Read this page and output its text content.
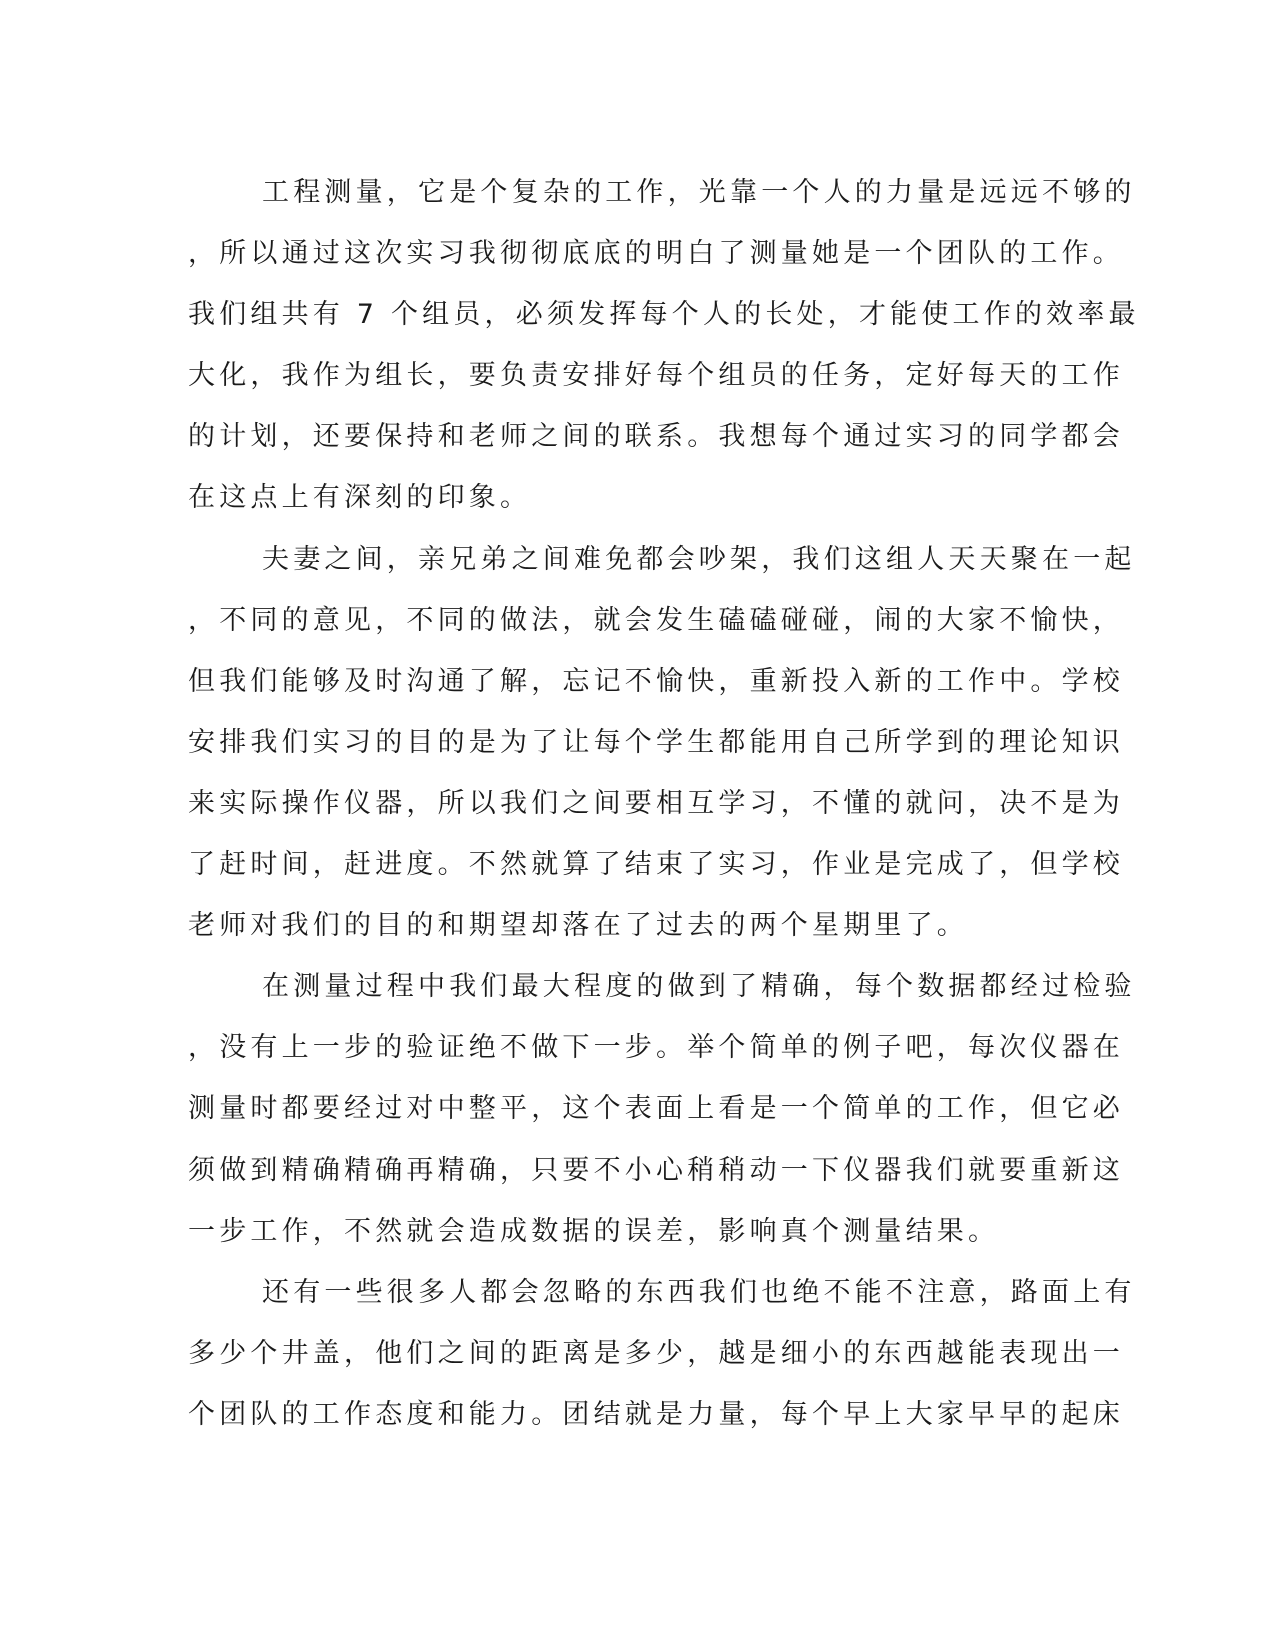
工程测量，它是个复杂的工作，光靠一个人的力量是远远不够的
，所以通过这次实习我彻彻底底的明白了测量她是一个团队的工作。
我们组共有 7 个组员，必须发挥每个人的长处，才能使工作的效率最
大化，我作为组长，要负责安排好每个组员的任务，定好每天的工作
的计划，还要保持和老师之间的联系。我想每个通过实习的同学都会
在这点上有深刻的印象。
夫妻之间，亲兄弟之间难免都会吵架，我们这组人天天聚在一起
，不同的意见，不同的做法，就会发生磕磕碰碰，闹的大家不愉快，
但我们能够及时沟通了解，忘记不愉快，重新投入新的工作中。学校
安排我们实习的目的是为了让每个学生都能用自己所学到的理论知识
来实际操作仪器，所以我们之间要相互学习，不懂的就问，决不是为
了赶时间，赶进度。不然就算了结束了实习，作业是完成了，但学校
老师对我们的目的和期望却落在了过去的两个星期里了。
在测量过程中我们最大程度的做到了精确，每个数据都经过检验
，没有上一步的验证绝不做下一步。举个简单的例子吧，每次仪器在
测量时都要经过对中整平，这个表面上看是一个简单的工作，但它必
须做到精确精确再精确，只要不小心稍稍动一下仪器我们就要重新这
一步工作，不然就会造成数据的误差，影响真个测量结果。
还有一些很多人都会忽略的东西我们也绝不能不注意，路面上有
多少个井盖，他们之间的距离是多少，越是细小的东西越能表现出一
个团队的工作态度和能力。团结就是力量，每个早上大家早早的起床
